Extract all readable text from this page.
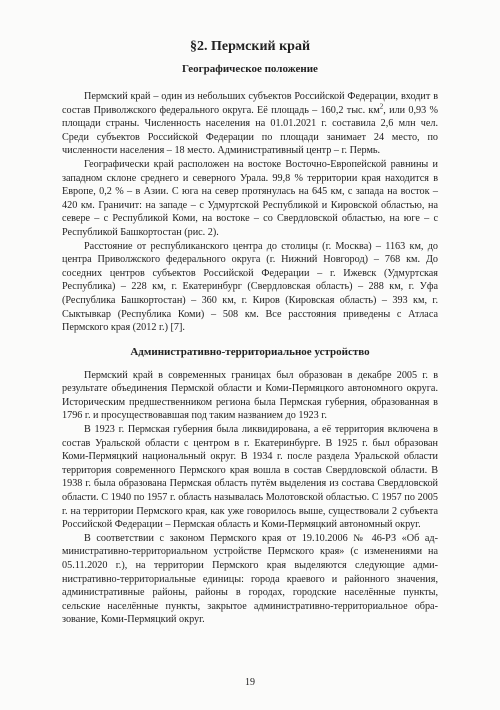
§2. Пермский край
Географическое положение

Пермский край – один из небольших субъектов Российской Федерации, входит в состав Приволжского федерального округа. Её площадь – 160,2 тыс. $км^2$, или 0,93 % площади страны. Численность населения на 01.01.2021 г. составила 2,6 млн чел. Среди субъектов Российской Федерации по площади занимает 24 место, по численности населения – 18 место. Административный центр – г. Пермь.

Географически край расположен на востоке Восточно-Европейской равнины и западном склоне среднего и северного Урала. 99,8 % территории края находится в Европе, 0,2 % – в Азии. С юга на север протянулась на 645 км, с запада на восток – 420 км. Граничит: на западе – с Удмуртской Республикой и Кировской областью, на севере – с Республикой Коми, на востоке – со Свердловской областью, на юге – с Республикой Башкортостан (рис. 2).

Расстояние от республиканского центра до столицы (г. Москва) – 1163 км, до центра Приволжского федерального округа (г. Нижний Новгород) – 768 км. До соседних центров субъектов Российской Федерации – г. Ижевск (Удмуртская Республика) – 228 км, г. Екатеринбург (Свердловская область) – 288 км, г. Уфа (Республика Башкортостан) – 360 км, г. Киров (Кировская область) – 393 км, г. Сыктывкар (Республика Коми) – 508 км. Все расстояния приведены с Атласа Пермского края (2012 г.) [7].

Административно-территориальное устройство

Пермский край в современных границах был образован в декабре 2005 г. в результате объединения Пермской области и Коми-Пермяцкого автономного округа. Историческим предшественником региона была Пермская губерния, образованная в 1796 г. и просуществовавшая под таким названием до 1923 г.

В 1923 г. Пермская губерния была ликвидирована, а её территория включена в состав Уральской области с центром в г. Екатеринбурге. В 1925 г. был образован Коми-Пермяцкий национальный округ. В 1934 г. после раздела Уральской области территория современного Пермского края вошла в состав Свердловской области. В 1938 г. была образована Пермская область путём выделения из состава Свердловской области. С 1940 по 1957 г. область называлась Молотовской областью. С 1957 по 2005 г. на территории Пермского края, как уже говорилось выше, существовали 2 субъекта Российской Федерации – Пермская область и Коми-Пермяцкий автономный округ.

В соответствии с законом Пермского края от 19.10.2006 № 46-РЗ «Об административно-территориальном устройстве Пермского края» (с изменениями на 05.11.2020 г.), на территории Пермского края выделяются следующие административно-территориальные единицы: города краевого и районного значения, административные районы, районы в городах, городские населённые пункты, сельские населённые пункты, закрытое административно-территориальное образование, Коми-Пермяцкий округ.

19
